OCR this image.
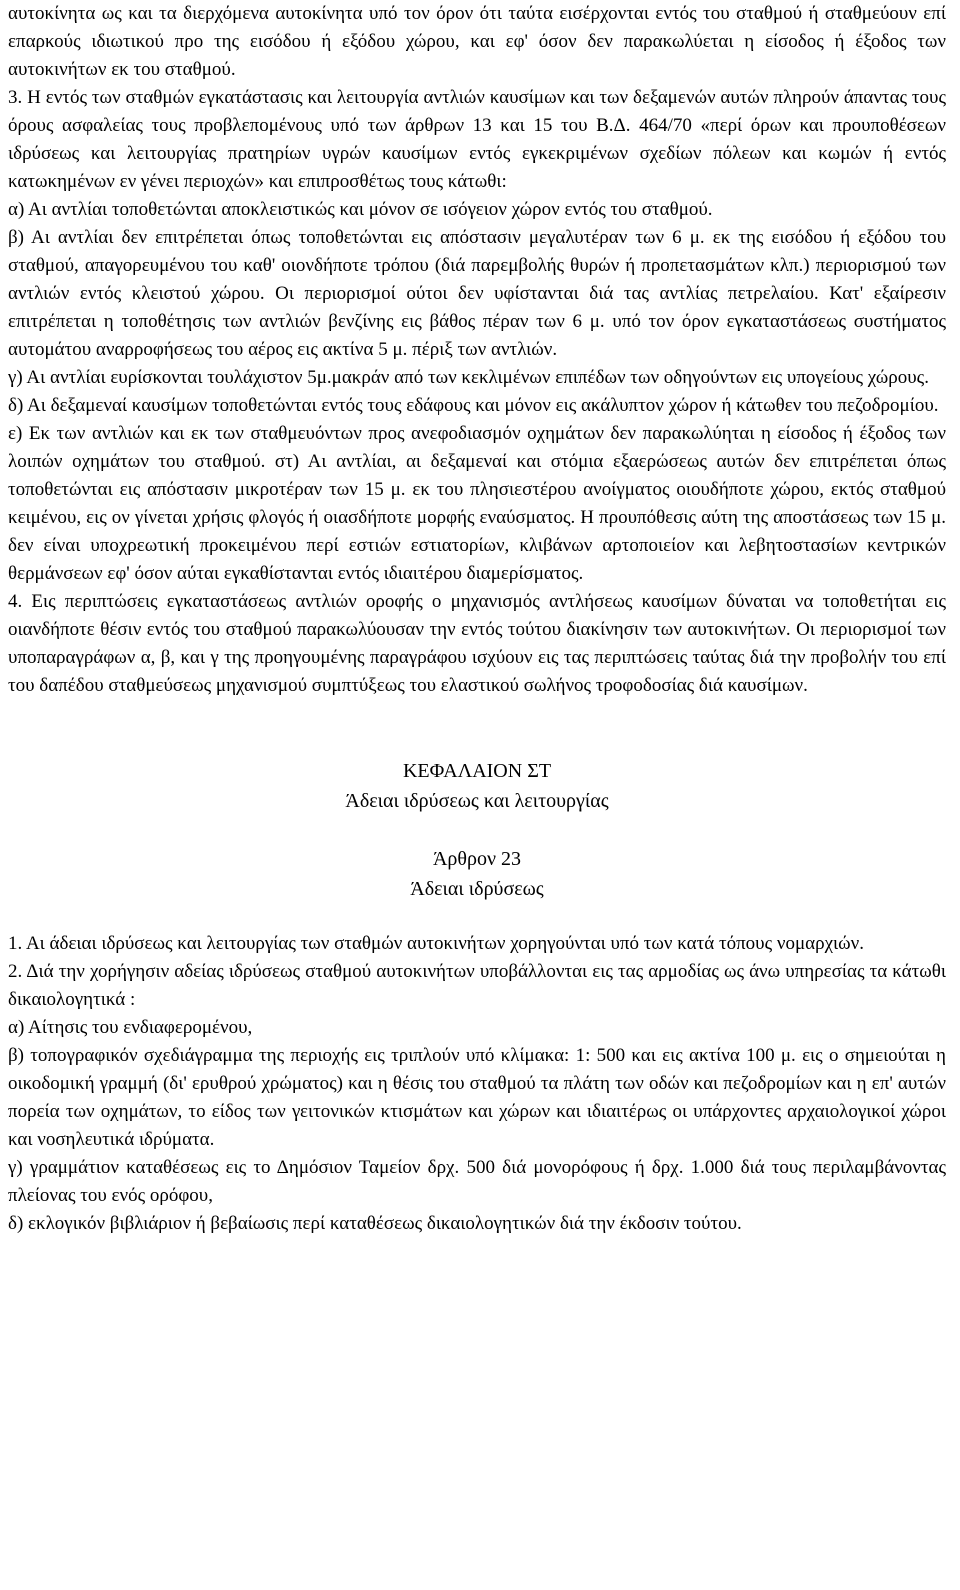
αυτοκίνητα ως και τα διερχόμενα αυτοκίνητα υπό τον όρον ότι ταύτα εισέρχονται εντός του σταθμού ή σταθμεύουν επί επαρκούς ιδιωτικού προ της εισόδου ή εξόδου χώρου, και εφ' όσον δεν παρακωλύεται η είσοδος ή έξοδος των αυτοκινήτων εκ του σταθμού.

3. Η εντός των σταθμών εγκατάστασις και λειτουργία αντλιών καυσίμων και των δεξαμενών αυτών πληρούν άπαντας τους όρους ασφαλείας τους προβλεπομένους υπό των άρθρων 13 και 15 του Β.Δ. 464/70 «περί όρων και προυποθέσεων ιδρύσεως και λειτουργίας πρατηρίων υγρών καυσίμων εντός εγκεκριμένων σχεδίων πόλεων και κωμών ή εντός κατωκημένων εν γένει περιοχών» και επιπροσθέτως τους κάτωθι:

α) Αι αντλίαι τοποθετώνται αποκλειστικώς και μόνον σε ισόγειον χώρον εντός του σταθμού.

β) Αι αντλίαι δεν επιτρέπεται όπως τοποθετώνται εις απόστασιν μεγαλυτέραν των 6 μ. εκ της εισόδου ή εξόδου του σταθμού, απαγορευμένου του καθ' οιονδήποτε τρόπου (διά παρεμβολής θυρών ή προπετασμάτων κλπ.) περιορισμού των αντλιών εντός κλειστού χώρου. Οι περιορισμοί ούτοι δεν υφίστανται διά τας αντλίας πετρελαίου. Κατ' εξαίρεσιν επιτρέπεται η τοποθέτησις των αντλιών βενζίνης εις βάθος πέραν των 6 μ. υπό τον όρον εγκαταστάσεως συστήματος αυτομάτου αναρροφήσεως του αέρος εις ακτίνα 5 μ. πέριξ των αντλιών.

γ) Αι αντλίαι ευρίσκονται τουλάχιστον 5μ.μακράν από των κεκλιμένων επιπέδων των οδηγούντων εις υπογείους χώρους.

δ) Αι δεξαμεναί καυσίμων τοποθετώνται εντός τους εδάφους και μόνον εις ακάλυπτον χώρον ή κάτωθεν του πεζοδρομίου.

ε) Εκ των αντλιών και εκ των σταθμευόντων προς ανεφοδιασμόν οχημάτων δεν παρακωλύηται η είσοδος ή έξοδος των λοιπών οχημάτων του σταθμού. στ) Αι αντλίαι, αι δεξαμεναί και στόμια εξαερώσεως αυτών δεν επιτρέπεται όπως τοποθετώνται εις απόστασιν μικροτέραν των 15 μ. εκ του πλησιεστέρου ανοίγματος οιουδήποτε χώρου, εκτός σταθμού κειμένου, εις ον γίνεται χρήσις φλογός ή οιασδήποτε μορφής εναύσματος. Η προυπόθεσις αύτη της αποστάσεως των 15 μ. δεν είναι υποχρεωτική προκειμένου περί εστιών εστιατορίων, κλιβάνων αρτοποιείον και λεβητοστασίων κεντρικών θερμάνσεων εφ' όσον αύται εγκαθίστανται εντός ιδιαιτέρου διαμερίσματος.

4. Εις περιπτώσεις εγκαταστάσεως αντλιών οροφής ο μηχανισμός αντλήσεως καυσίμων δύναται να τοποθετήται εις οιανδήποτε θέσιν εντός του σταθμού παρακωλύουσαν την εντός τούτου διακίνησιν των αυτοκινήτων. Οι περιορισμοί των υποπαραγράφων α, β, και γ της προηγουμένης παραγράφου ισχύουν εις τας περιπτώσεις ταύτας διά την προβολήν του επί του δαπέδου σταθμεύσεως μηχανισμού συμπτύξεως του ελαστικού σωλήνος τροφοδοσίας διά καυσίμων.

ΚΕΦΑΛΑΙΟΝ ΣΤ
Άδειαι ιδρύσεως και λειτουργίας
Άρθρον 23
Άδειαι ιδρύσεως

1. Αι άδειαι ιδρύσεως και λειτουργίας των σταθμών αυτοκινήτων χορηγούνται υπό των κατά τόπους νομαρχιών.

2. Διά την χορήγησιν αδείας ιδρύσεως σταθμού αυτοκινήτων υποβάλλονται εις τας αρμοδίας ως άνω υπηρεσίας τα κάτωθι δικαιολογητικά :

α) Αίτησις του ενδιαφερομένου,

β) τοπογραφικόν σχεδιάγραμμα της περιοχής εις τριπλούν υπό κλίμακα: 1: 500 και εις ακτίνα 100 μ. εις ο σημειούται η οικοδομική γραμμή (δι' ερυθρού χρώματος) και η θέσις του σταθμού τα πλάτη των οδών και πεζοδρομίων και η επ' αυτών πορεία των οχημάτων, το είδος των γειτονικών κτισμάτων και χώρων και ιδιαιτέρως οι υπάρχοντες αρχαιολογικοί χώροι και νοσηλευτικά ιδρύματα.

γ) γραμμάτιον καταθέσεως εις το Δημόσιον Ταμείον δρχ. 500 διά μονορόφους ή δρχ. 1.000 διά τους περιλαμβάνοντας πλείονας του ενός ορόφου,

δ) εκλογικόν βιβλιάριον ή βεβαίωσις περί καταθέσεως δικαιολογητικών διά την έκδοσιν τούτου.
